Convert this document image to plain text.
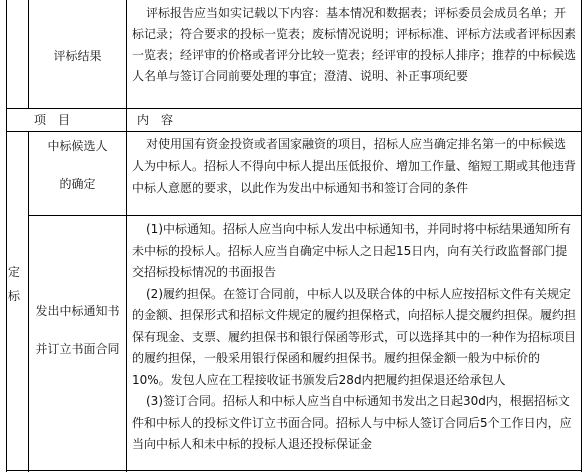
评标结果
评标报告应当如实记载以下内容：基本情况和数据表；评标委员会成员名单；开标记录；符合要求的投标一览表；废标情况说明；评标标准、评标方法或者评标因素一览表；经评审的价格或者评分比较一览表；经评审的投标人排序；推荐的中标候选人名单与签订合同前要处理的事宜；澄清、说明、补正事项纪要
项　目	内　容
定
标

中标候选人

的确定

对使用国有资金投资或者国家融资的项目，招标人应当确定排名第一的中标候选人为中标人。招标人不得向中标人提出压低报价、增加工作量、缩短工期或其他违背中标人意愿的要求，以此作为发出中标通知书和签订合同的条件

发出中标通知书

并订立书面合同

(1)中标通知。招标人应当向中标人发出中标通知书，并同时将中标结果通知所有未中标的投标人。招标人应当自确定中标人之日起15日内，向有关行政监督部门提交招标投标情况的书面报告

(2)履约担保。在签订合同前，中标人以及联合体的中标人应按招标文件有关规定的金额、担保形式和招标文件规定的履约担保格式，向招标人提交履约担保。履约担保有现金、支票、履约担保书和银行保函等形式，可以选择其中的一种作为招标项目的履约担保，一般采用银行保函和履约担保书。履约担保金额一般为中标价的10%。发包人应在工程接收证书颁发后28d内把履约担保退还给承包人

(3)签订合同。招标人和中标人应当自中标通知书发出之日起30d内，根据招标文件和中标人的投标文件订立书面合同。招标人与中标人签订合同后5个工作日内，应当向中标人和未中标的投标人退还投标保证金
